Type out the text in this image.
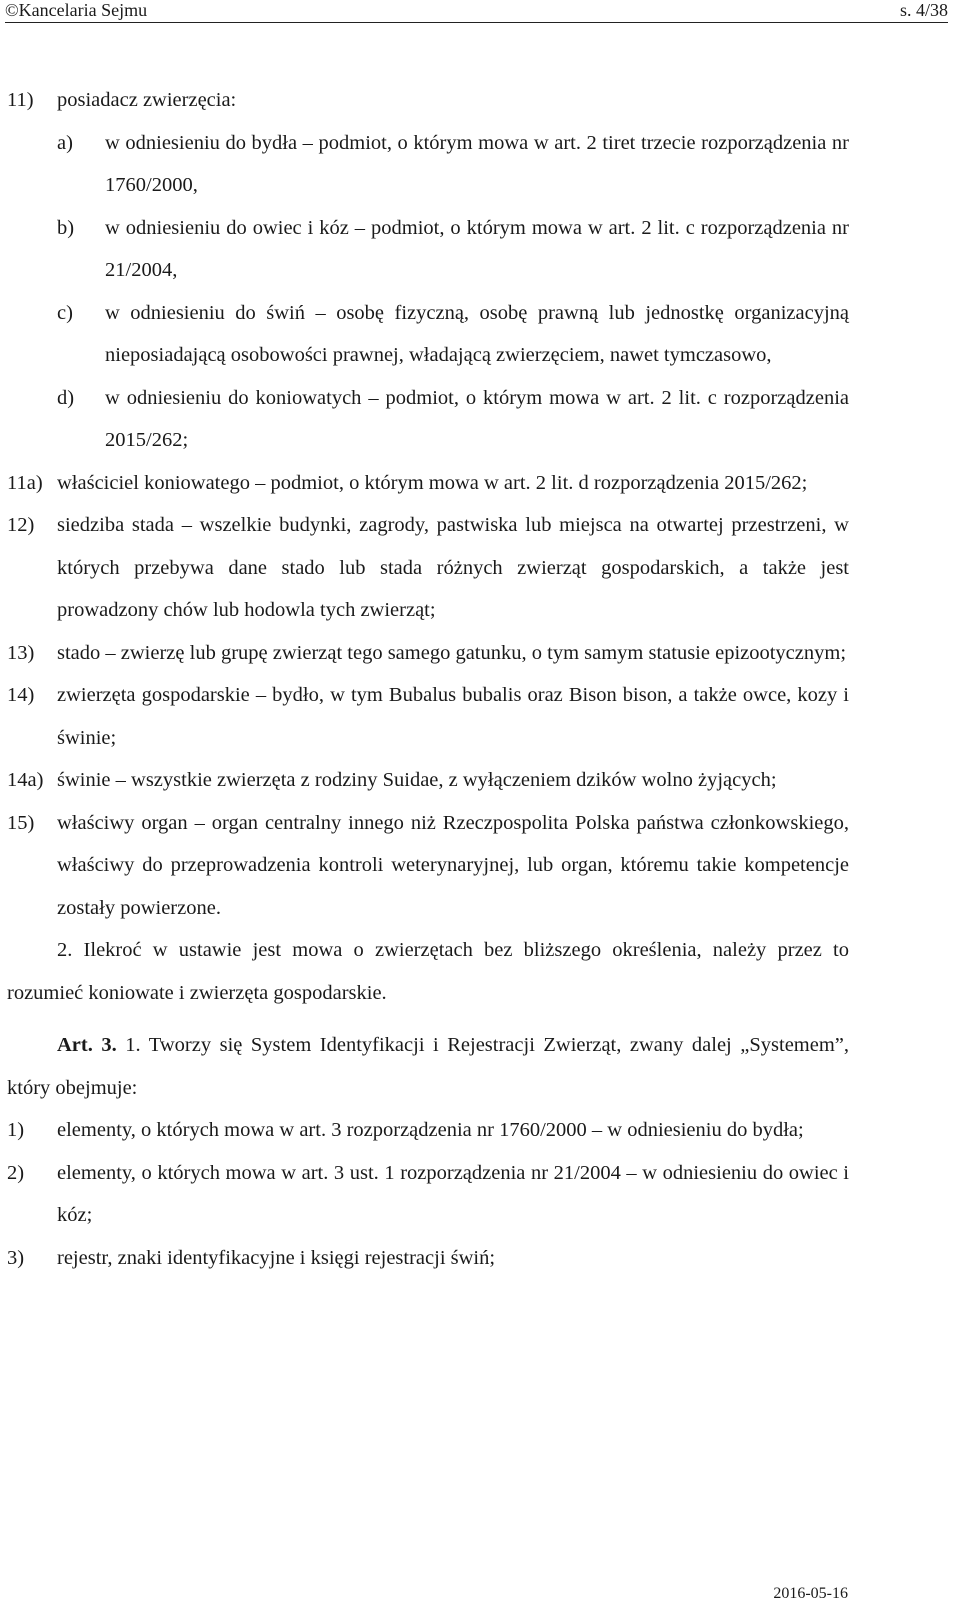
©Kancelaria Sejmu	s. 4/38
11) posiadacz zwierzęcia:
a) w odniesieniu do bydła – podmiot, o którym mowa w art. 2 tiret trzecie rozporządzenia nr 1760/2000,
b) w odniesieniu do owiec i kóz – podmiot, o którym mowa w art. 2 lit. c rozporządzenia nr 21/2004,
c) w odniesieniu do świń – osobę fizyczną, osobę prawną lub jednostkę organizacyjną nieposiadającą osobowości prawnej, władającą zwierzęciem, nawet tymczasowo,
d) w odniesieniu do koniowatych – podmiot, o którym mowa w art. 2 lit. c rozporządzenia 2015/262;
11a) właściciel koniowatego – podmiot, o którym mowa w art. 2 lit. d rozporządzenia 2015/262;
12) siedziba stada – wszelkie budynki, zagrody, pastwiska lub miejsca na otwartej przestrzeni, w których przebywa dane stado lub stada różnych zwierząt gospodarskich, a także jest prowadzony chów lub hodowla tych zwierząt;
13) stado – zwierzę lub grupę zwierząt tego samego gatunku, o tym samym statusie epizootycznym;
14) zwierzęta gospodarskie – bydło, w tym Bubalus bubalis oraz Bison bison, a także owce, kozy i świnie;
14a) świnie – wszystkie zwierzęta z rodziny Suidae, z wyłączeniem dzików wolno żyjących;
15) właściwy organ – organ centralny innego niż Rzeczpospolita Polska państwa członkowskiego, właściwy do przeprowadzenia kontroli weterynaryjnej, lub organ, któremu takie kompetencje zostały powierzone.
2. Ilekroć w ustawie jest mowa o zwierzętach bez bliższego określenia, należy przez to rozumieć koniowate i zwierzęta gospodarskie.
Art. 3. 1. Tworzy się System Identyfikacji i Rejestracji Zwierząt, zwany dalej „Systemem”, który obejmuje:
1) elementy, o których mowa w art. 3 rozporządzenia nr 1760/2000 – w odniesieniu do bydła;
2) elementy, o których mowa w art. 3 ust. 1 rozporządzenia nr 21/2004 – w odniesieniu do owiec i kóz;
3) rejestr, znaki identyfikacyjne i księgi rejestracji świń;
2016-05-16
